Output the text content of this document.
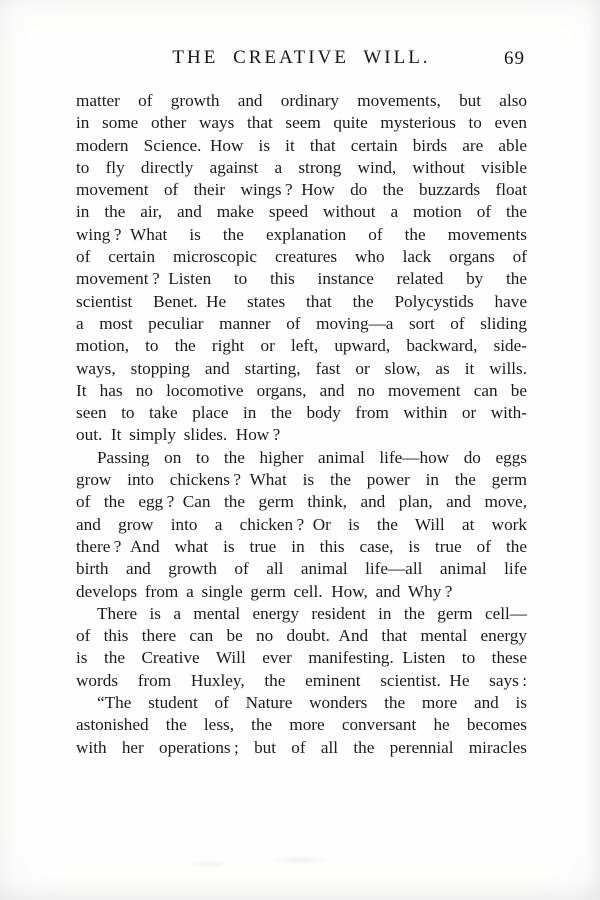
THE CREATIVE WILL.	69
matter of growth and ordinary movements, but also
in some other ways that seem quite mysterious to even
modern Science. How is it that certain birds are able
to fly directly against a strong wind, without visible
movement of their wings ? How do the buzzards float
in the air, and make speed without a motion of the
wing ? What is the explanation of the movements
of certain microscopic creatures who lack organs of
movement ? Listen to this instance related by the
scientist Benet. He states that the Polycystids have
a most peculiar manner of moving—a sort of sliding
motion, to the right or left, upward, backward, side-
ways, stopping and starting, fast or slow, as it wills.
It has no locomotive organs, and no movement can be
seen to take place in the body from within or with-
out. It simply slides. How ?
Passing on to the higher animal life—how do eggs
grow into chickens ? What is the power in the germ
of the egg ? Can the germ think, and plan, and move,
and grow into a chicken ? Or is the Will at work
there ? And what is true in this case, is true of the
birth and growth of all animal life—all animal life
develops from a single germ cell. How, and Why ?
There is a mental energy resident in the germ cell—
of this there can be no doubt. And that mental energy
is the Creative Will ever manifesting. Listen to these
words from Huxley, the eminent scientist. He says :
“The student of Nature wonders the more and is
astonished the less, the more conversant he becomes
with her operations ; but of all the perennial miracles
